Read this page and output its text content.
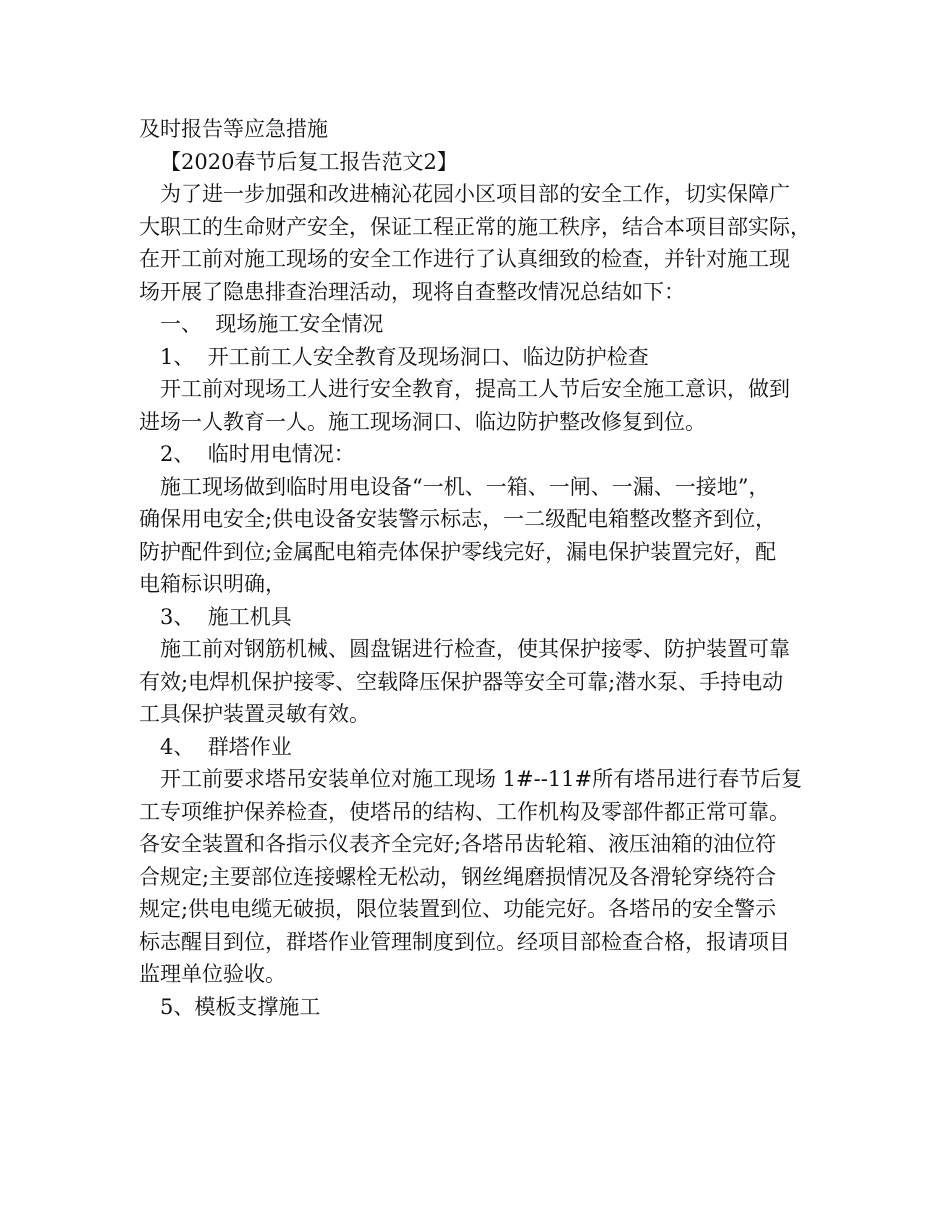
及时报告等应急措施
【2020春节后复工报告范文2】
为了进一步加强和改进楠沁花园小区项目部的安全工作，切实保障广
大职工的生命财产安全，保证工程正常的施工秩序，结合本项目部实际，
在开工前对施工现场的安全工作进行了认真细致的检查，并针对施工现
场开展了隐患排查治理活动，现将自查整改情况总结如下：
一、  现场施工安全情况
1、  开工前工人安全教育及现场洞口、临边防护检查
开工前对现场工人进行安全教育，提高工人节后安全施工意识，做到
进场一人教育一人。施工现场洞口、临边防护整改修复到位。
2、  临时用电情况：
施工现场做到临时用电设备“一机、一箱、一闸、一漏、一接地”，
确保用电安全;供电设备安装警示标志，一二级配电箱整改整齐到位，
防护配件到位;金属配电箱壳体保护零线完好，漏电保护装置完好，配
电箱标识明确，
3、  施工机具
施工前对钢筋机械、圆盘锯进行检查，使其保护接零、防护装置可靠
有效;电焊机保护接零、空载降压保护器等安全可靠;潜水泵、手持电动
工具保护装置灵敏有效。
4、  群塔作业
开工前要求塔吊安装单位对施工现场 1#--11#所有塔吊进行春节后复
工专项维护保养检查，使塔吊的结构、工作机构及零部件都正常可靠。
各安全装置和各指示仪表齐全完好;各塔吊齿轮箱、液压油箱的油位符
合规定;主要部位连接螺栓无松动，钢丝绳磨损情况及各滑轮穿绕符合
规定;供电电缆无破损，限位装置到位、功能完好。各塔吊的安全警示
标志醒目到位，群塔作业管理制度到位。经项目部检查合格，报请项目
监理单位验收。
5、模板支撑施工
